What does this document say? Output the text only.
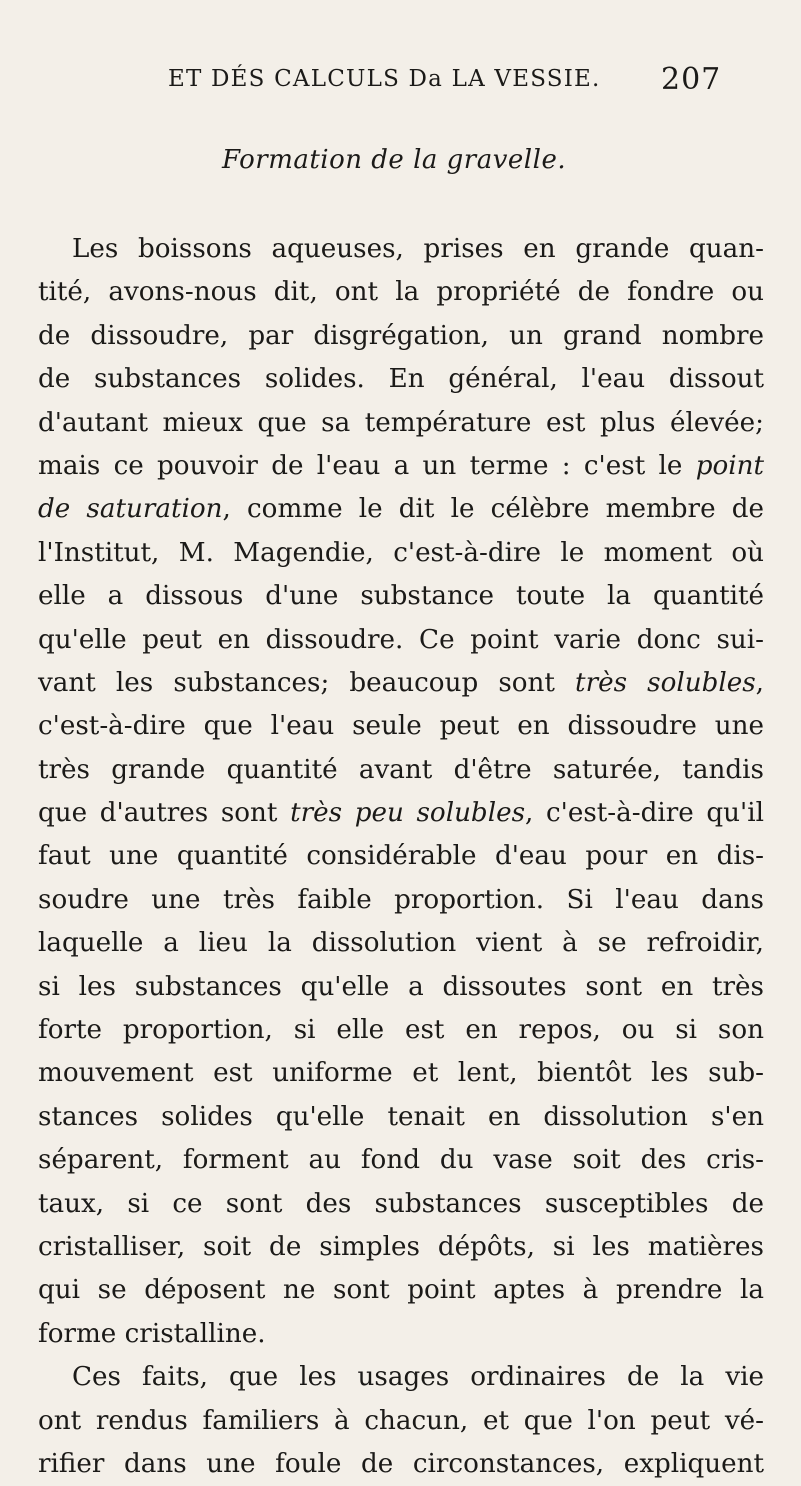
ET DÉS CALCULS Da LA VESSIE. 207
Formation de la gravelle.
Les boissons aqueuses, prises en grande quan-
tité, avons-nous dit, ont la propriété de fondre ou
de dissoudre, par disgrégation, un grand nombre
de substances solides. En général, l'eau dissout
d'autant mieux que sa température est plus élevée;
mais ce pouvoir de l'eau a un terme : c'est le point
de saturation, comme le dit le célèbre membre de
l'Institut, M. Magendie, c'est-à-dire le moment où
elle a dissous d'une substance toute la quantité
qu'elle peut en dissoudre. Ce point varie donc sui-
vant les substances; beaucoup sont très solubles,
c'est-à-dire que l'eau seule peut en dissoudre une
très grande quantité avant d'être saturée, tandis
que d'autres sont très peu solubles, c'est-à-dire qu'il
faut une quantité considérable d'eau pour en dis-
soudre une très faible proportion. Si l'eau dans
laquelle a lieu la dissolution vient à se refroidir,
si les substances qu'elle a dissoutes sont en très
forte proportion, si elle est en repos, ou si son
mouvement est uniforme et lent, bientôt les sub-
stances solides qu'elle tenait en dissolution s'en
séparent, forment au fond du vase soit des cris-
taux, si ce sont des substances susceptibles de
cristalliser, soit de simples dépôts, si les matières
qui se déposent ne sont point aptes à prendre la
forme cristalline.
Ces faits, que les usages ordinaires de la vie
ont rendus familiers à chacun, et que l'on peut vé-
rifier dans une foule de circonstances, expliquent
